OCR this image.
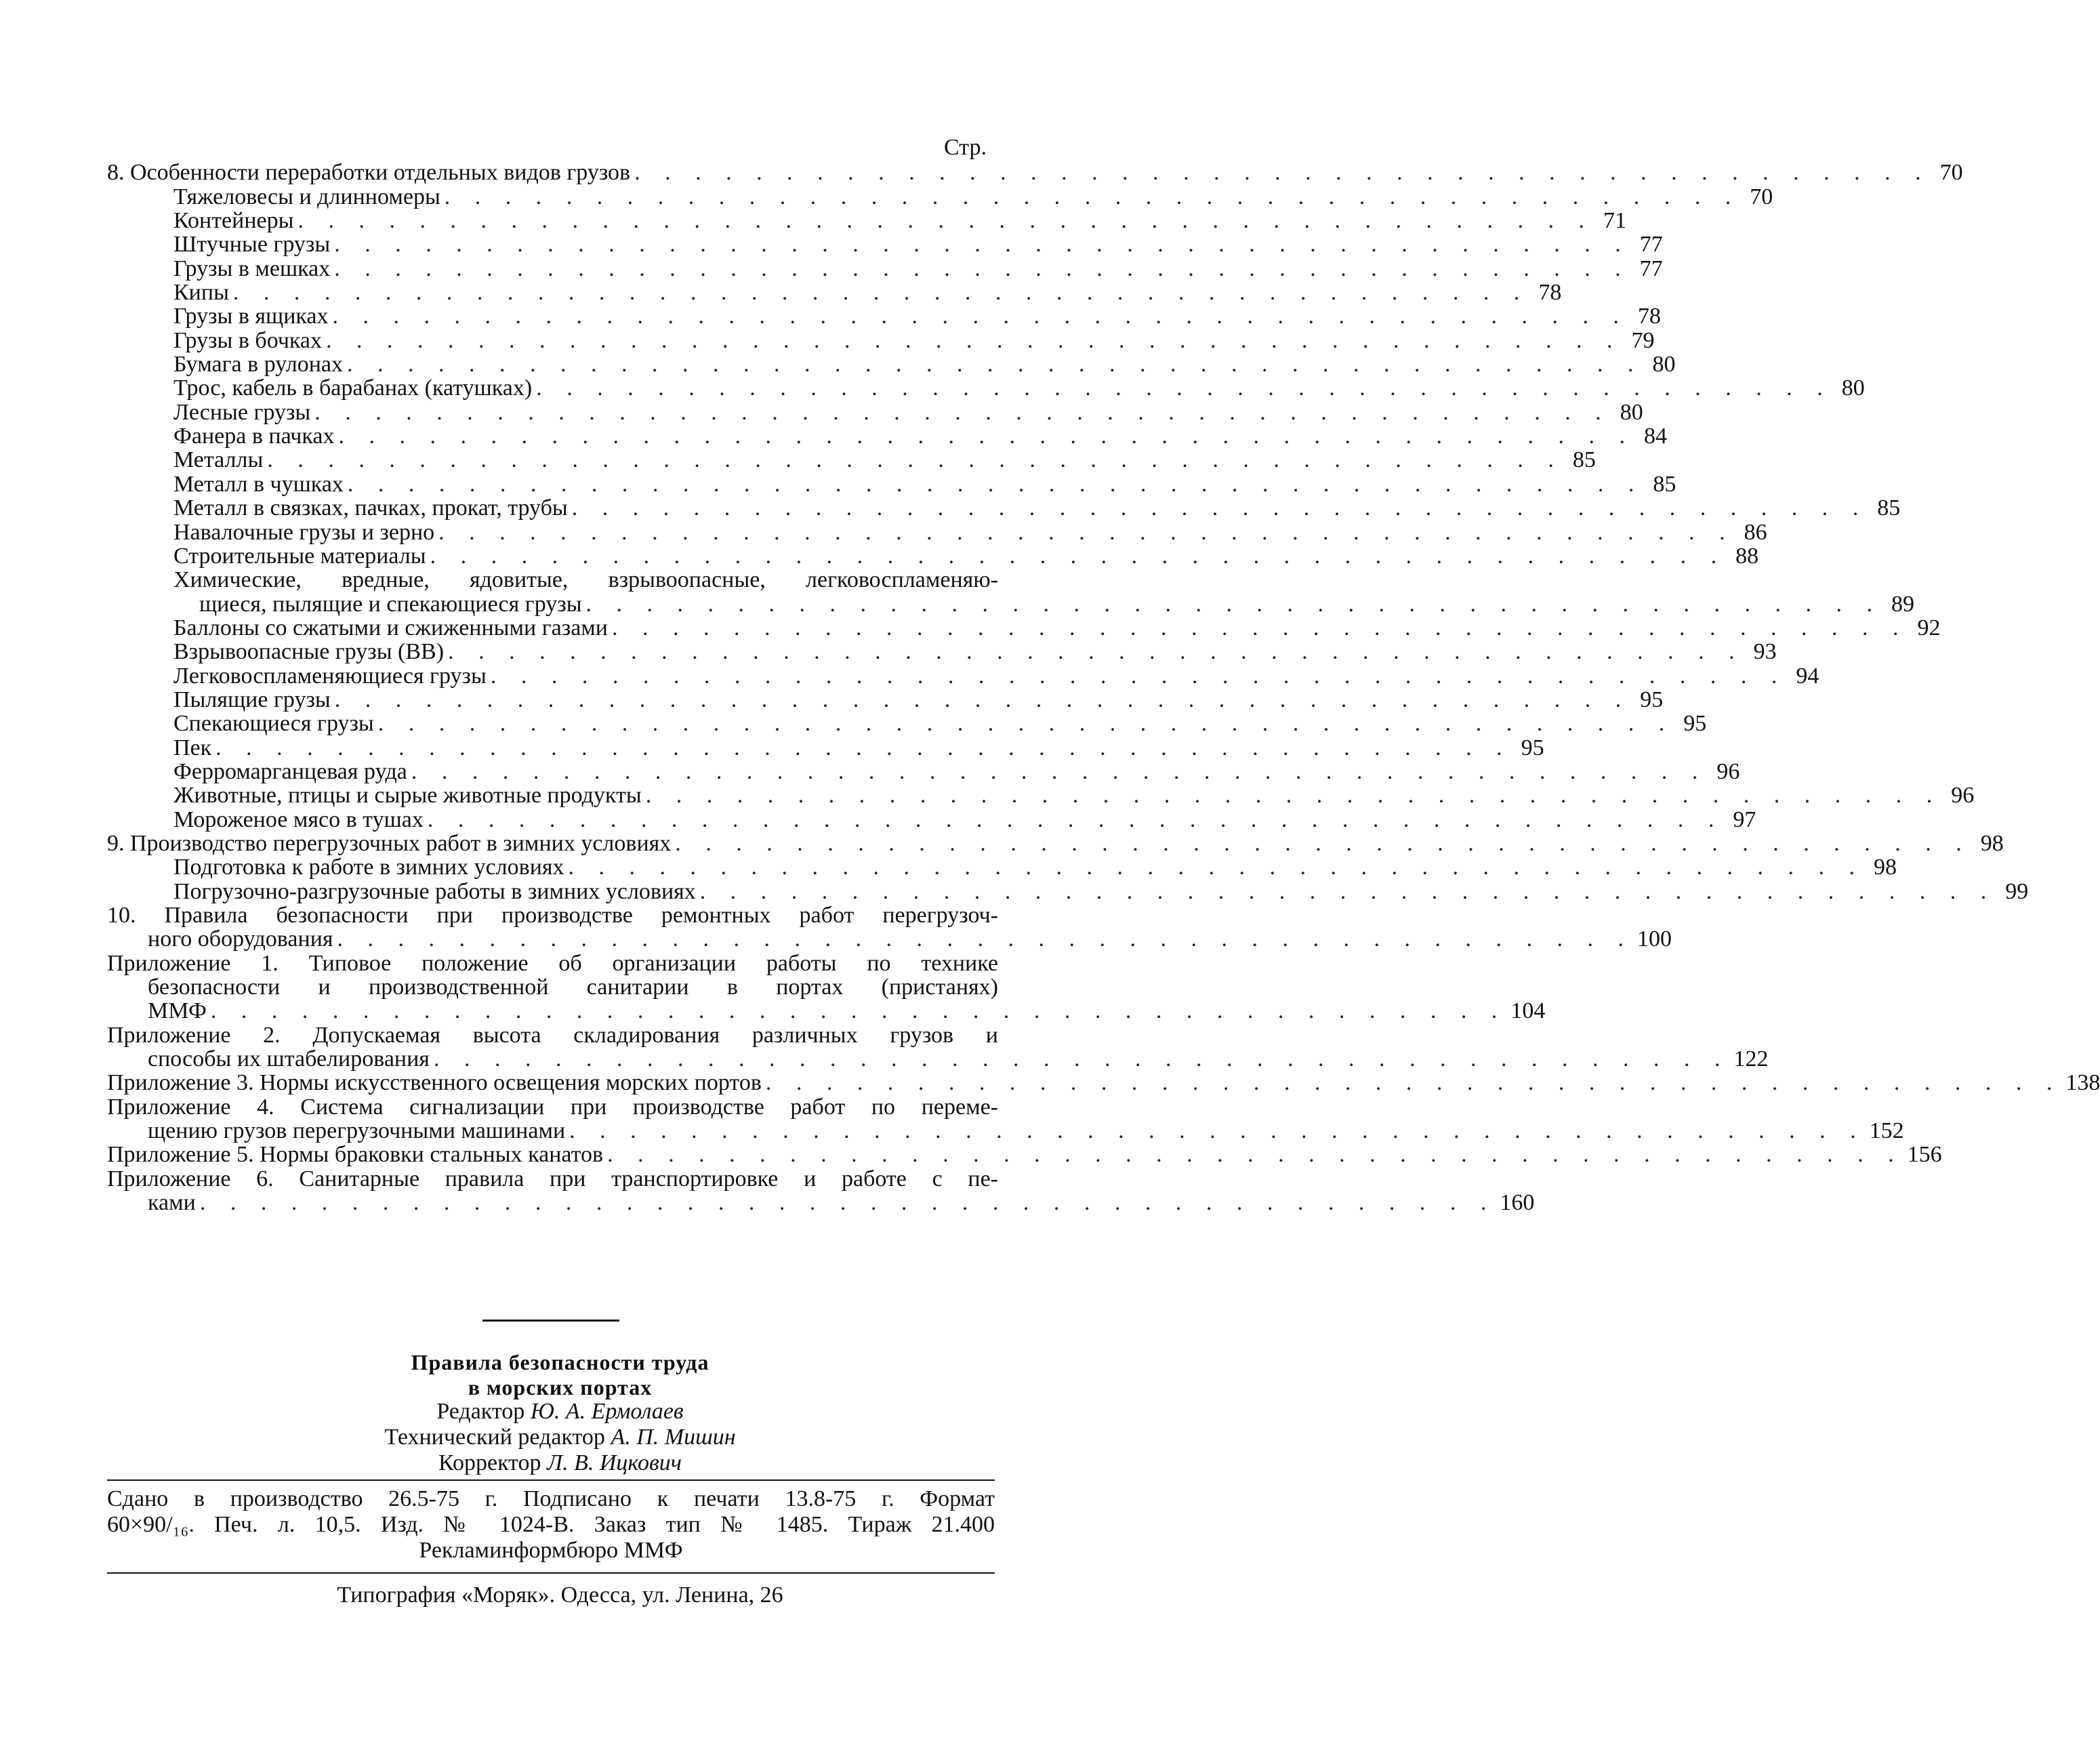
Стр.
8. Особенности переработки отдельных видов грузов . . . . . . . . . . . . . . . . . . . . . . . . . . . . . . . . . . . . . . . . . . . 70
Тяжеловесы и длинномеры . . . . . . . . . . . . . . . . . . . . . . . . . . . . . . . . . . . . . . . . . . . 70
Контейнеры . . . . . . . . . . . . . . . . . . . . . . . . . . . . . . . . . . . . . . . . . . . 71
Штучные грузы . . . . . . . . . . . . . . . . . . . . . . . . . . . . . . . . . . . . . . . . . . . 77
Грузы в мешках . . . . . . . . . . . . . . . . . . . . . . . . . . . . . . . . . . . . . . . . . . . 77
Кипы . . . . . . . . . . . . . . . . . . . . . . . . . . . . . . . . . . . . . . . . . . . 78
Грузы в ящиках . . . . . . . . . . . . . . . . . . . . . . . . . . . . . . . . . . . . . . . . . . . 78
Грузы в бочках . . . . . . . . . . . . . . . . . . . . . . . . . . . . . . . . . . . . . . . . . . . 79
Бумага в рулонах . . . . . . . . . . . . . . . . . . . . . . . . . . . . . . . . . . . . . . . . . . . 80
Трос, кабель в барабанах (катушках) . . . . . . . . . . . . . . . . . . . . . . . . . . . . . . . . . . . . . . . . . . . 80
Лесные грузы . . . . . . . . . . . . . . . . . . . . . . . . . . . . . . . . . . . . . . . . . . . 80
Фанера в пачках . . . . . . . . . . . . . . . . . . . . . . . . . . . . . . . . . . . . . . . . . . . 84
Металлы . . . . . . . . . . . . . . . . . . . . . . . . . . . . . . . . . . . . . . . . . . . 85
Металл в чушках . . . . . . . . . . . . . . . . . . . . . . . . . . . . . . . . . . . . . . . . . . . 85
Металл в связках, пачках, прокат, трубы . . . . . . . . . . . . . . . . . . . . . . . . . . . . . . . . . . . . . . . . . . . 85
Навалочные грузы и зерно . . . . . . . . . . . . . . . . . . . . . . . . . . . . . . . . . . . . . . . . . . . 86
Строительные материалы . . . . . . . . . . . . . . . . . . . . . . . . . . . . . . . . . . . . . . . . . . . 88
Химические, вредные, ядовитые, взрывоопасные, легковоспламеняю-
щиеся, пылящие и спекающиеся грузы . . . . . . . . . . . . . . . . . . . . . . . . . . . . . . . . . . . . . . . . . . . 89
Баллоны со сжатыми и сжиженными газами . . . . . . . . . . . . . . . . . . . . . . . . . . . . . . . . . . . . . . . . . . . 92
Взрывоопасные грузы (ВВ) . . . . . . . . . . . . . . . . . . . . . . . . . . . . . . . . . . . . . . . . . . . 93
Легковоспламеняющиеся грузы . . . . . . . . . . . . . . . . . . . . . . . . . . . . . . . . . . . . . . . . . . . 94
Пылящие грузы . . . . . . . . . . . . . . . . . . . . . . . . . . . . . . . . . . . . . . . . . . . 95
Спекающиеся грузы . . . . . . . . . . . . . . . . . . . . . . . . . . . . . . . . . . . . . . . . . . . 95
Пек . . . . . . . . . . . . . . . . . . . . . . . . . . . . . . . . . . . . . . . . . . . 95
Ферромарганцевая руда . . . . . . . . . . . . . . . . . . . . . . . . . . . . . . . . . . . . . . . . . . . 96
Животные, птицы и сырые животные продукты . . . . . . . . . . . . . . . . . . . . . . . . . . . . . . . . . . . . . . . . . . . 96
Мороженое мясо в тушах . . . . . . . . . . . . . . . . . . . . . . . . . . . . . . . . . . . . . . . . . . . 97
9. Производство перегрузочных работ в зимних условиях . . . . . . . . . . . . . . . . . . . . . . . . . . . . . . . . . . . . . . . . . . . 98
Подготовка к работе в зимних условиях . . . . . . . . . . . . . . . . . . . . . . . . . . . . . . . . . . . . . . . . . . . 98
Погрузочно-разгрузочные работы в зимних условиях . . . . . . . . . . . . . . . . . . . . . . . . . . . . . . . . . . . . . . . . . . . 99
10. Правила безопасности при производстве ремонтных работ перегрузоч-
ного оборудования . . . . . . . . . . . . . . . . . . . . . . . . . . . . . . . . . . . . . . . . . . . 100
Приложение 1. Типовое положение об организации работы по технике
безопасности и производственной санитарии в портах (пристанях)
ММФ . . . . . . . . . . . . . . . . . . . . . . . . . . . . . . . . . . . . . . . . . . . 104
Приложение 2. Допускаемая высота складирования различных грузов и
способы их штабелирования . . . . . . . . . . . . . . . . . . . . . . . . . . . . . . . . . . . . . . . . . . . 122
Приложение 3. Нормы искусственного освещения морских портов . . . . . . . . . . . . . . . . . . . . . . . . . . . . . . . . . . . . . . . . . . . 138
Приложение 4. Система сигнализации при производстве работ по переме-
щению грузов перегрузочными машинами . . . . . . . . . . . . . . . . . . . . . . . . . . . . . . . . . . . . . . . . . . . 152
Приложение 5. Нормы браковки стальных канатов . . . . . . . . . . . . . . . . . . . . . . . . . . . . . . . . . . . . . . . . . . . 156
Приложение 6. Санитарные правила при транспортировке и работе с пе-
ками . . . . . . . . . . . . . . . . . . . . . . . . . . . . . . . . . . . . . . . . . . . 160
Правила безопасности труда
в морских портах
Редактор Ю. А. Ермолаев
Технический редактор А. П. Мишин
Корректор Л. В. Ицкович
Сдано в производство 26.5-75 г. Подписано к печати 13.8-75 г. Формат
60×90/₁₆. Печ. л. 10,5. Изд. № 1024-В. Заказ тип № 1485. Тираж 21.400
Рекламинформбюро ММФ
Типография «Моряк». Одесса, ул. Ленина, 26
